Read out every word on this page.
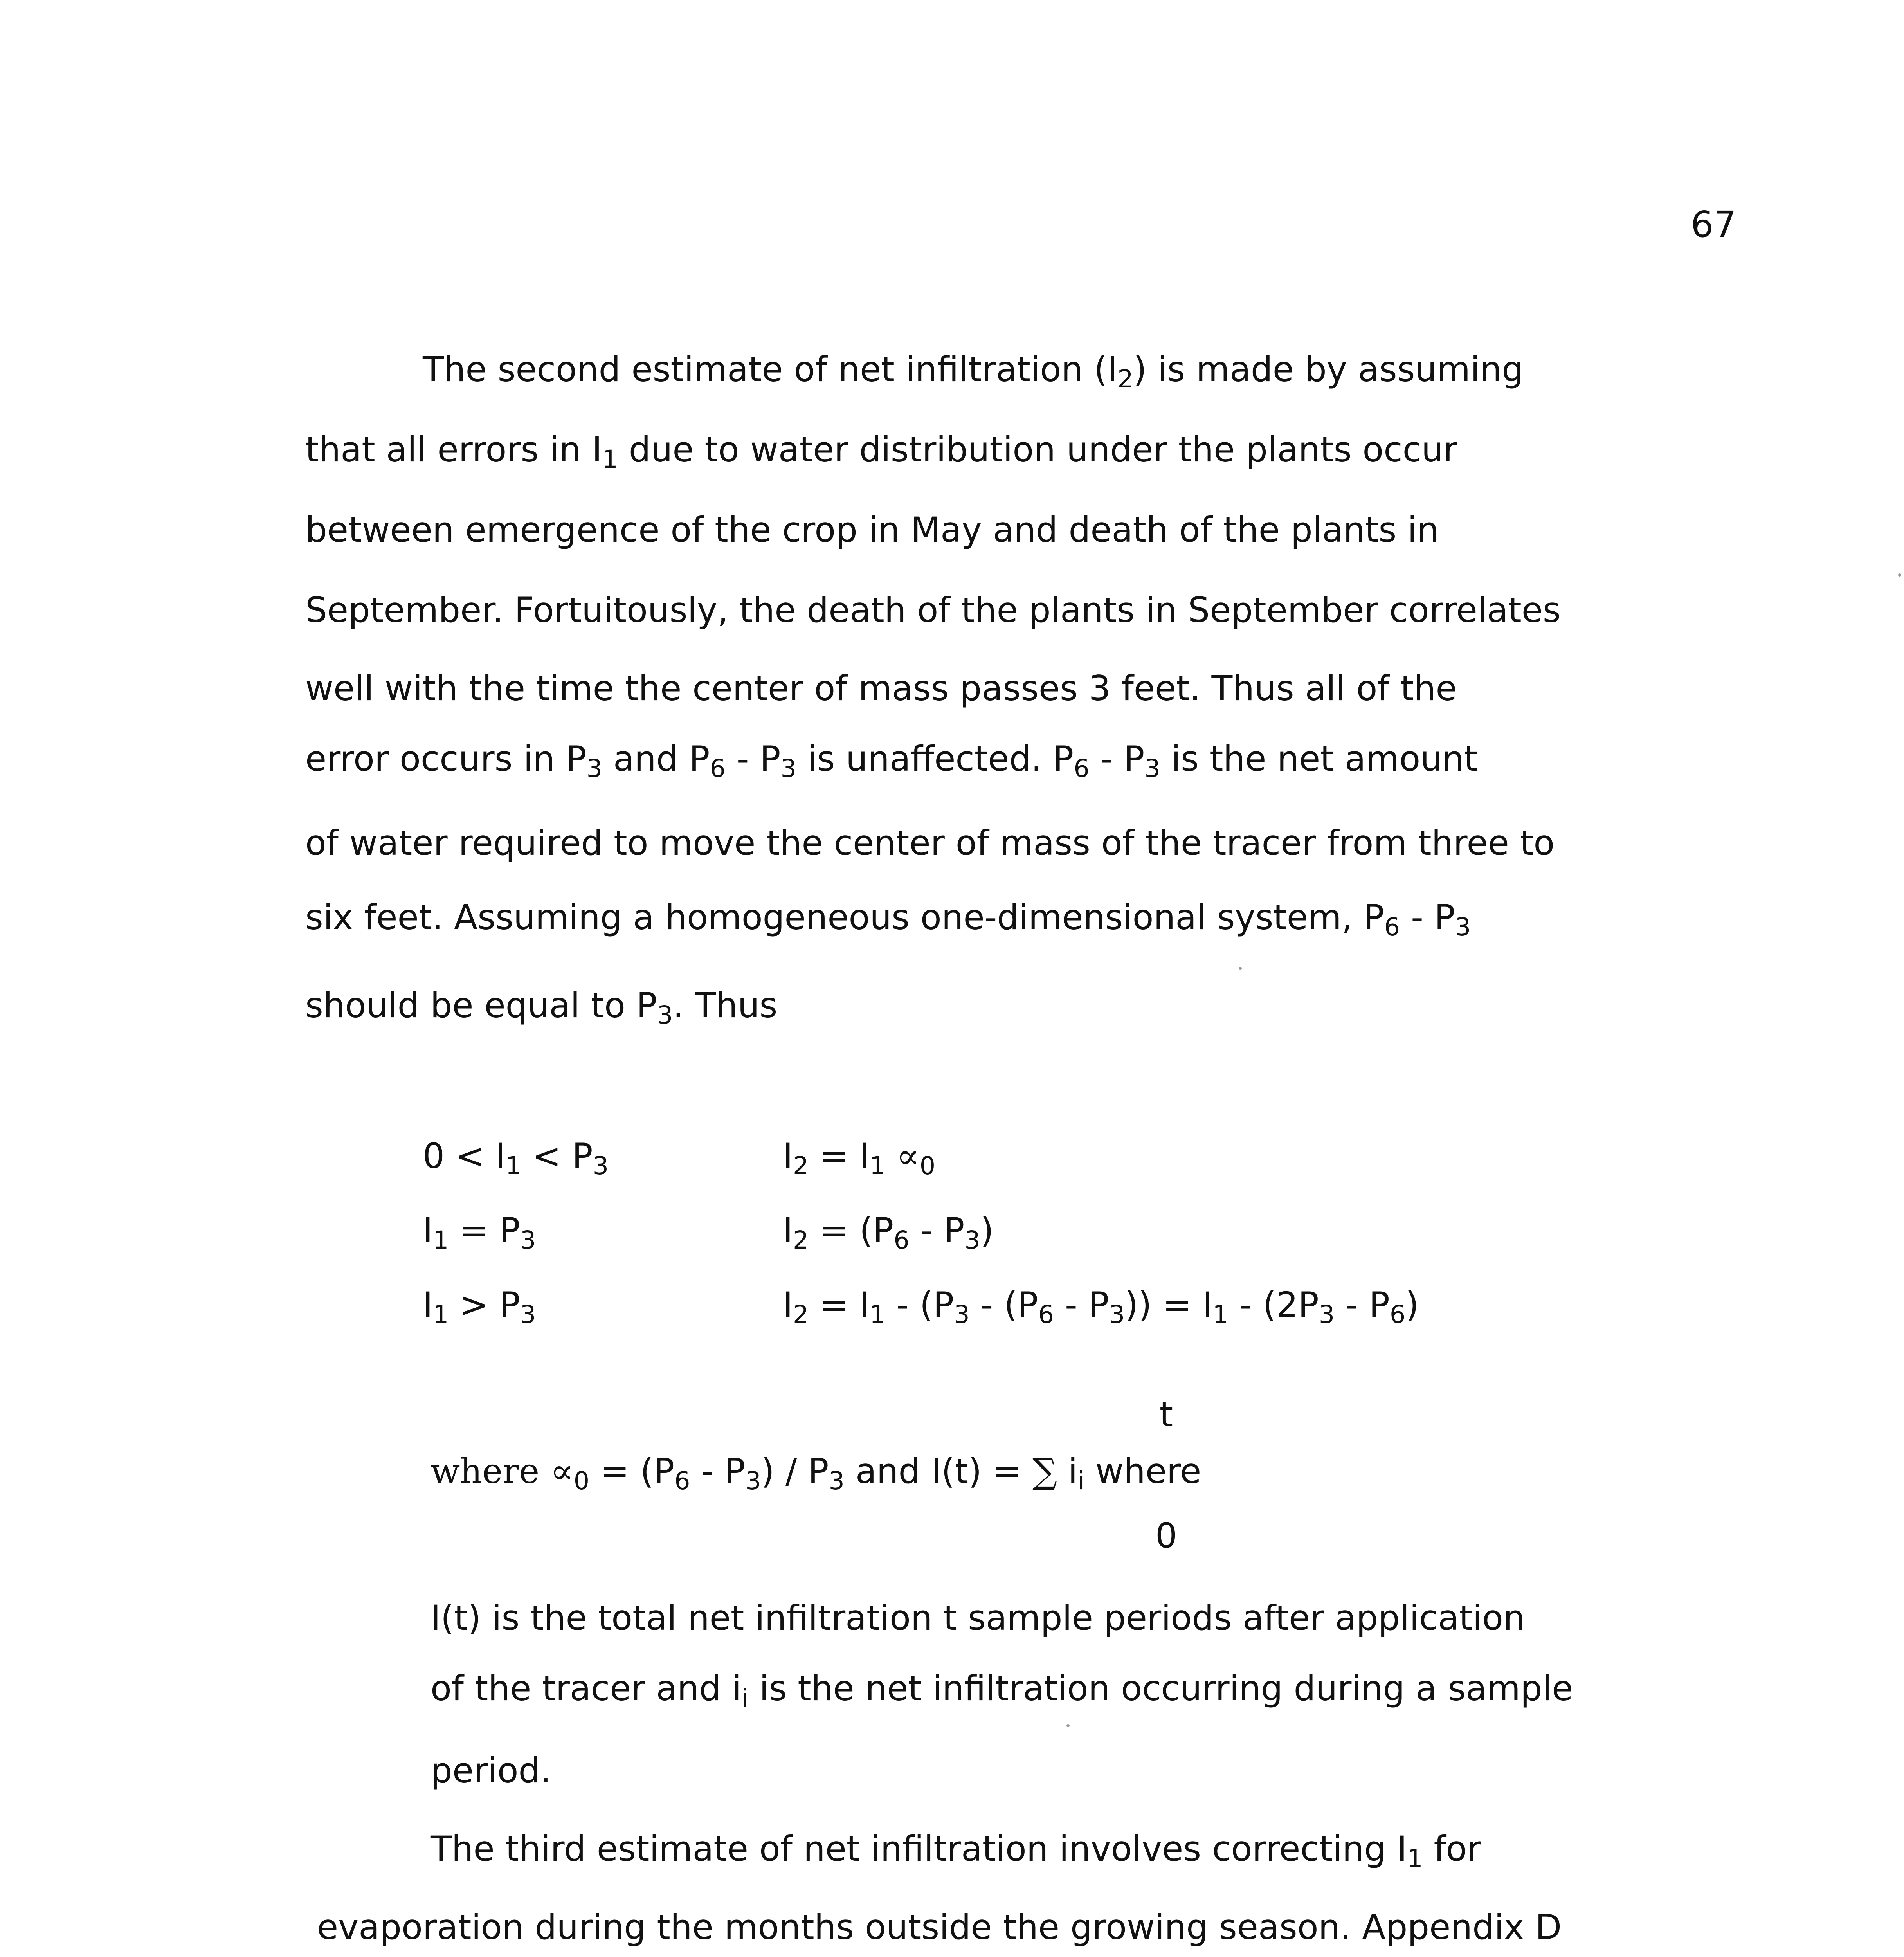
67
The second estimate of net infiltration $(I_2)$ is made by assuming
that all errors in $I_1$ due to water distribution under the plants occur
between emergence of the crop in May and death of the plants in
September. Fortuitously, the death of the plants in September correlates
well with the time the center of mass passes 3 feet. Thus all of the
error occurs in $P_3$ and $P_6 - P_3$ is unaffected. $P_6 - P_3$ is the net amount
of water required to move the center of mass of the tracer from three to
six feet. Assuming a homogeneous one-dimensional system, $P_6 - P_3$
should be equal to $P_3$. Thus
$0 < I_1 < P_3$	$I_2 = I_1 \propto_0$
$I_1 = P_3$	$I_2 = (P_6 - P_3)$
$I_1 > P_3$	$I_2 = I_1 - (P_3 - (P_6 - P_3)) = I_1 - (2P_3 - P_6)$
t
0
where $\propto_0 = (P_6 - P_3) / P_3$ and I(t) = ∑ $i_i$ where
I(t) is the total net infiltration t sample periods after application
of the tracer and $i_i$ is the net infiltration occurring during a sample
period.
The third estimate of net infiltration involves correcting $I_1$ for
evaporation during the months outside the growing season. Appendix D
